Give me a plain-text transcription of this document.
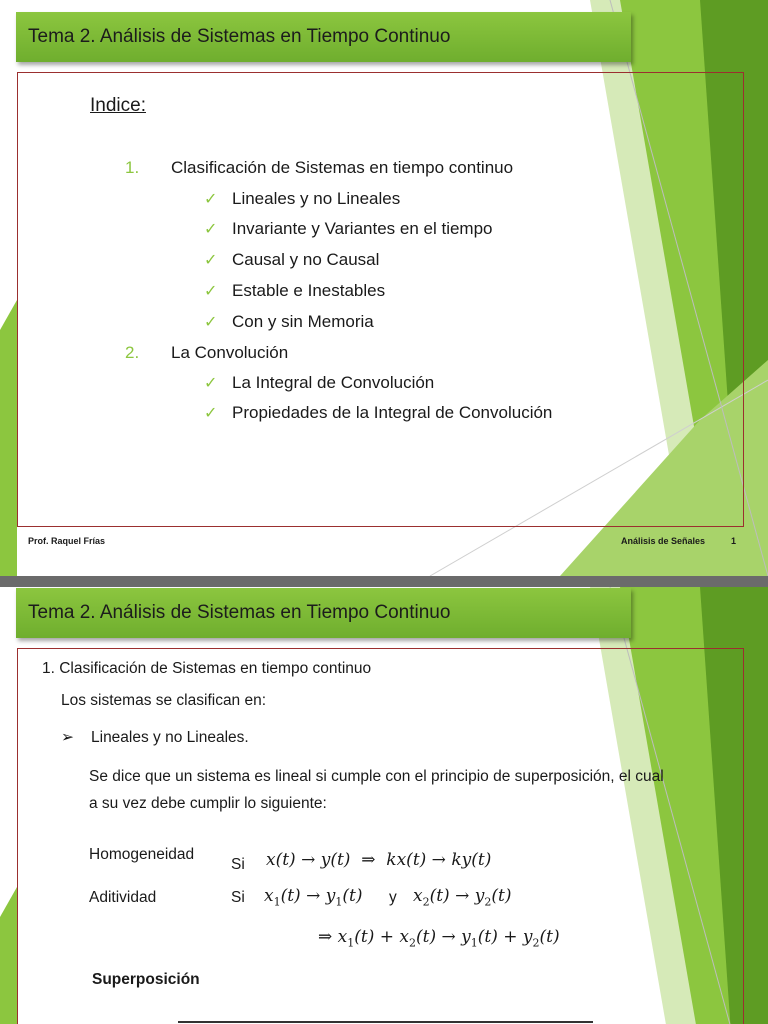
Tema 2. Análisis de Sistemas en Tiempo Continuo
Indice:
1. Clasificación de Sistemas en tiempo continuo
✓ Lineales y no Lineales
✓ Invariante y Variantes en el tiempo
✓ Causal y no Causal
✓ Estable e Inestables
✓ Con y sin Memoria
2. La Convolución
✓ La Integral de Convolución
✓ Propiedades de la Integral de Convolución
Prof. Raquel Frías	Análisis de Señales	1
Tema 2. Análisis de Sistemas en Tiempo Continuo
1. Clasificación de Sistemas en tiempo continuo
Los sistemas se clasifican en:
➢ Lineales y no Lineales.
Se dice que un sistema es lineal si cumple con el principio de superposición, el cual
a su vez debe cumplir lo siguiente:
Homogeneidad
Si x(t) → y(t)  ⇒  kx(t) → ky(t)
Aditividad	Si $x_1(t) \to y_1(t)$ y $x_2(t) \to y_2(t)$
⇒ $x_1(t) + x_2(t) \to y_1(t) + y_2(t)$
Superposición
